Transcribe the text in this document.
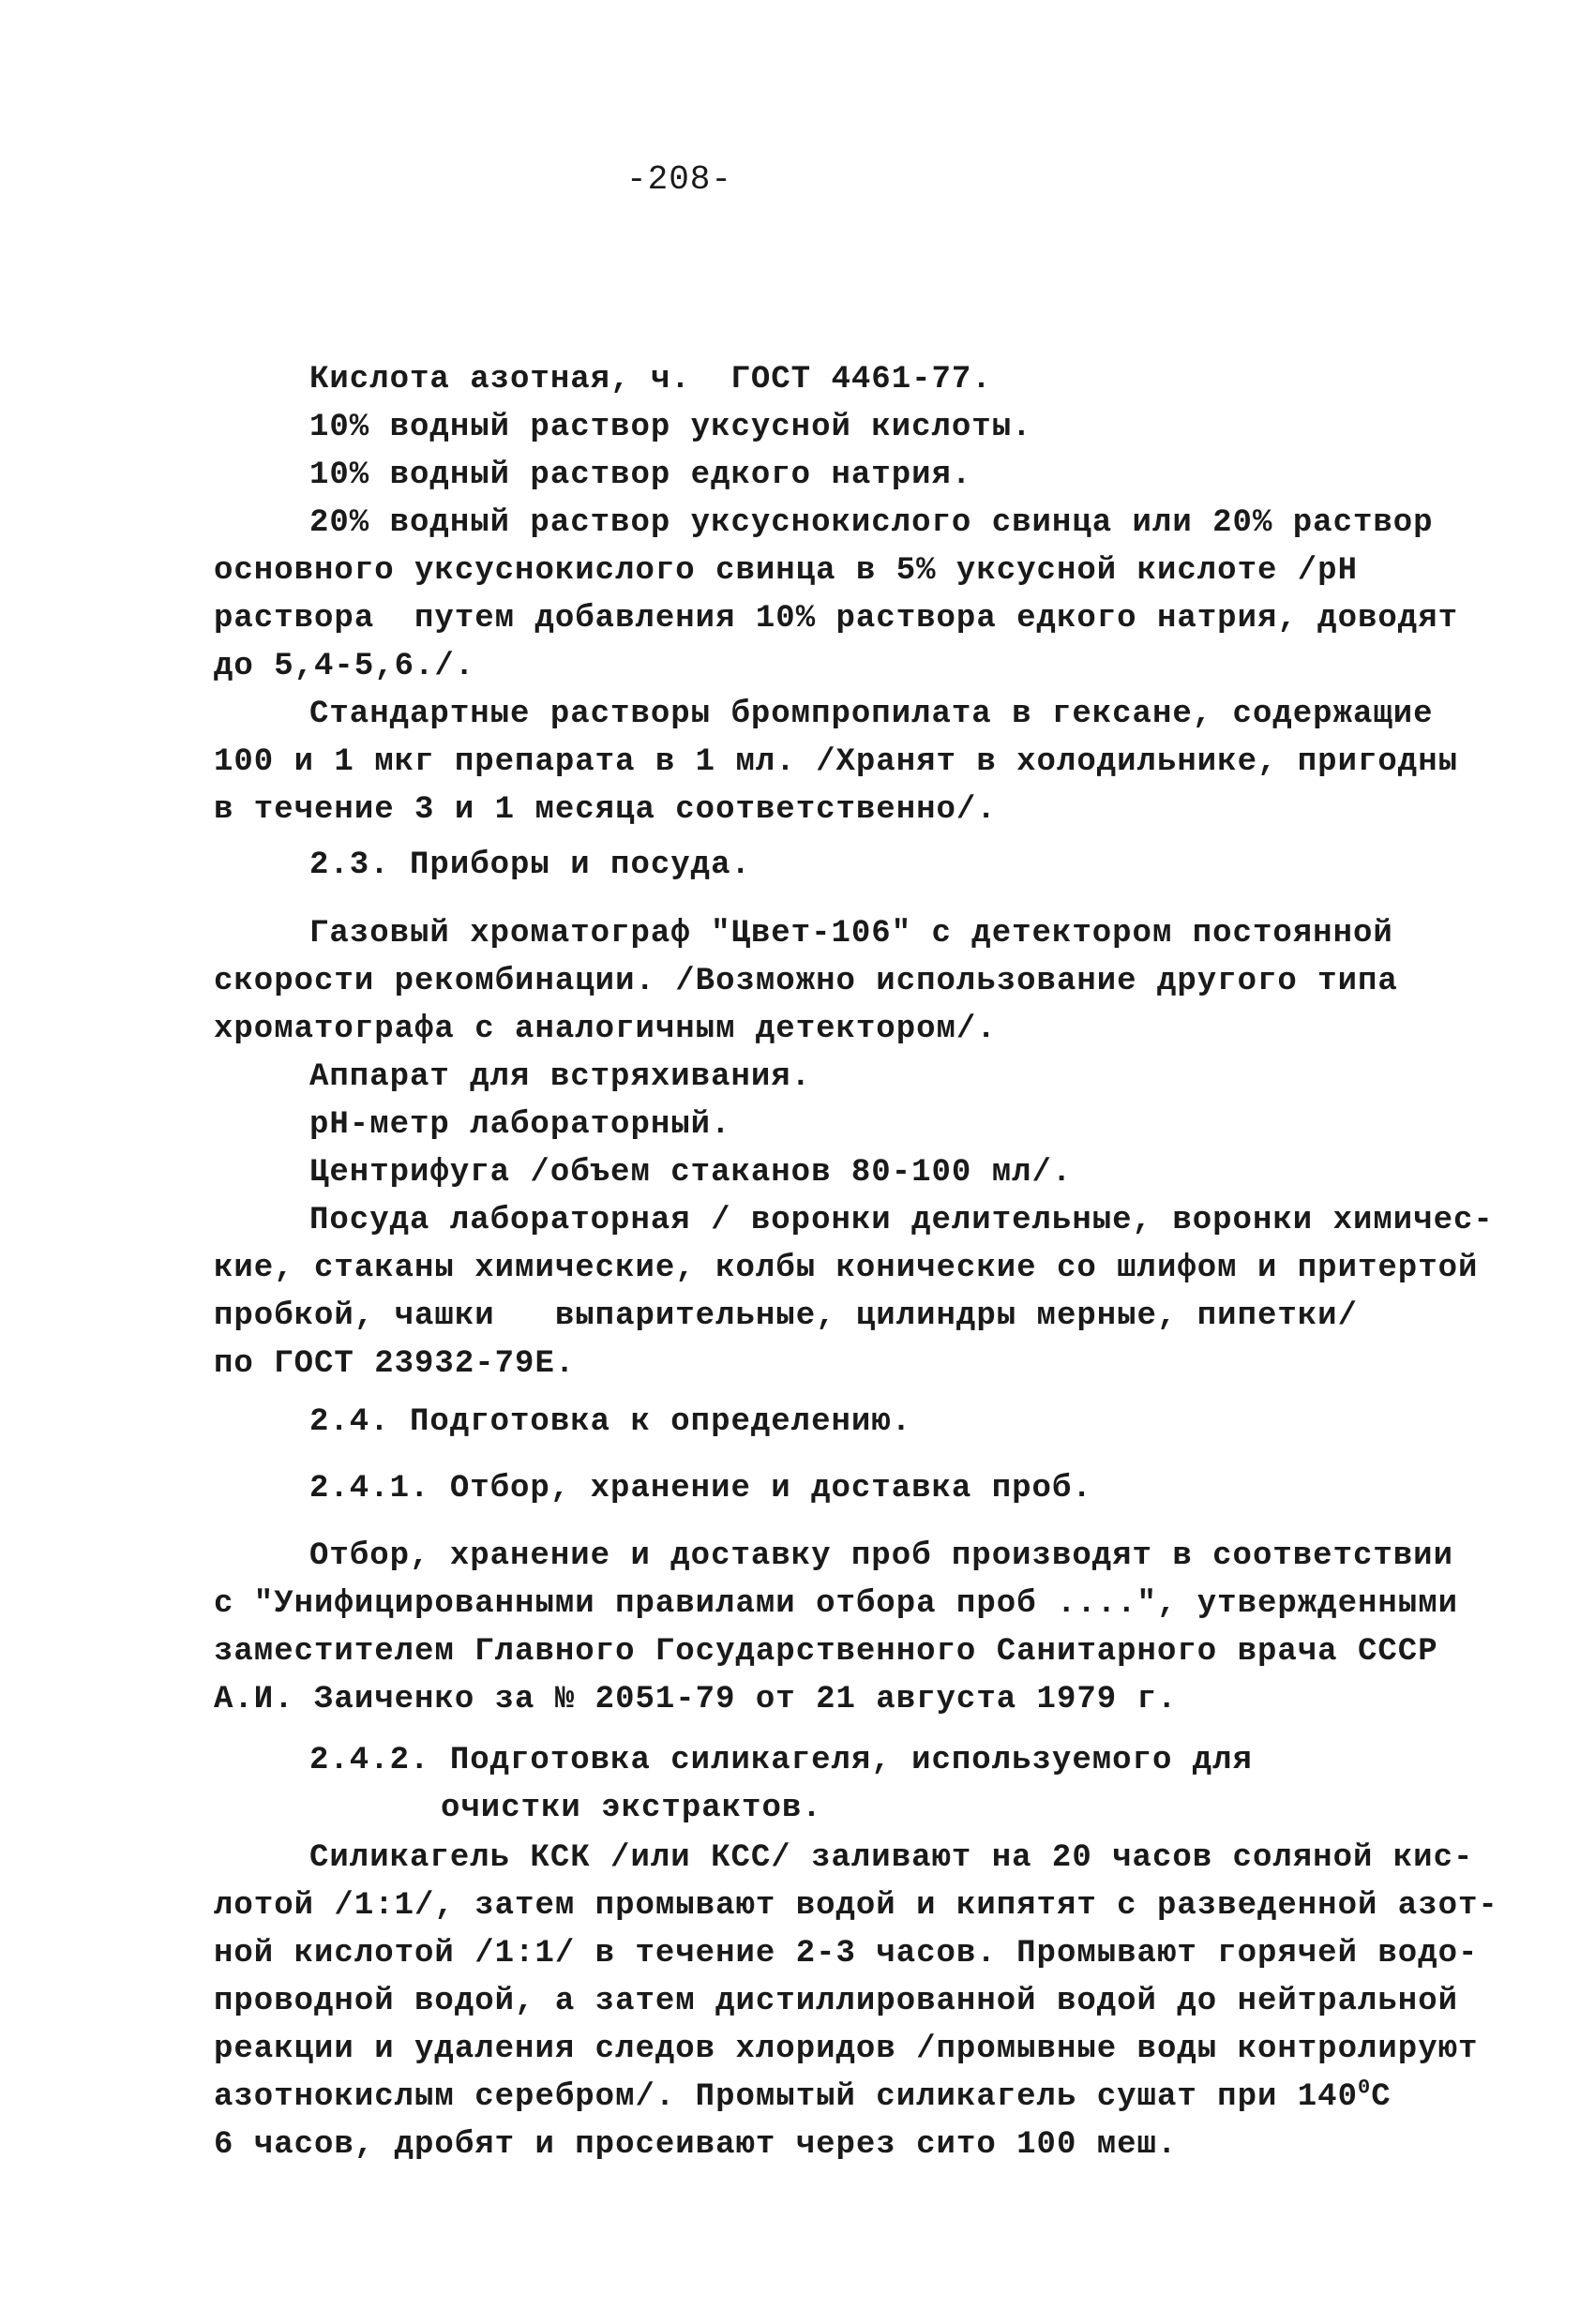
-208-
Кислота азотная, ч.  ГОСТ 4461-77.
10% водный раствор уксусной кислоты.
10% водный раствор едкого натрия.
20% водный раствор уксуснокислого свинца или 20% раствор
основного уксуснокислого свинца в 5% уксусной кислоте /рН
раствора  путем добавления 10% раствора едкого натрия, доводят
до 5,4-5,6./.
Стандартные растворы бромпропилата в гексане, содержащие
100 и 1 мкг препарата в 1 мл. /Хранят в холодильнике, пригодны
в течение 3 и 1 месяца соответственно/.
2.3. Приборы и посуда.
Газовый хроматограф "Цвет-106" с детектором постоянной
скорости рекомбинации. /Возможно использование другого типа
хроматографа с аналогичным детектором/.
Аппарат для встряхивания.
рН-метр лабораторный.
Центрифуга /объем стаканов 80-100 мл/.
Посуда лабораторная / воронки делительные, воронки химичес-
кие, стаканы химические, колбы конические со шлифом и притертой
пробкой, чашки   выпарительные, цилиндры мерные, пипетки/
по ГОСТ 23932-79Е.
2.4. Подготовка к определению.
2.4.1. Отбор, хранение и доставка проб.
Отбор, хранение и доставку проб производят в соответствии
с "Унифицированными правилами отбора проб ....", утвержденными
заместителем Главного Государственного Санитарного врача СССР
А.И. Заиченко за № 2051-79 от 21 августа 1979 г.
2.4.2. Подготовка силикагеля, используемого для
очистки экстрактов.
Силикагель КСК /или КСС/ заливают на 20 часов соляной кис-
лотой /1:1/, затем промывают водой и кипятят с разведенной азот-
ной кислотой /1:1/ в течение 2-3 часов. Промывают горячей водо-
проводной водой, а затем дистиллированной водой до нейтральной
реакции и удаления следов хлоридов /промывные воды контролируют
азотнокислым серебром/. Промытый силикагель сушат при $140^0С$
6 часов, дробят и просеивают через сито 100 меш.
